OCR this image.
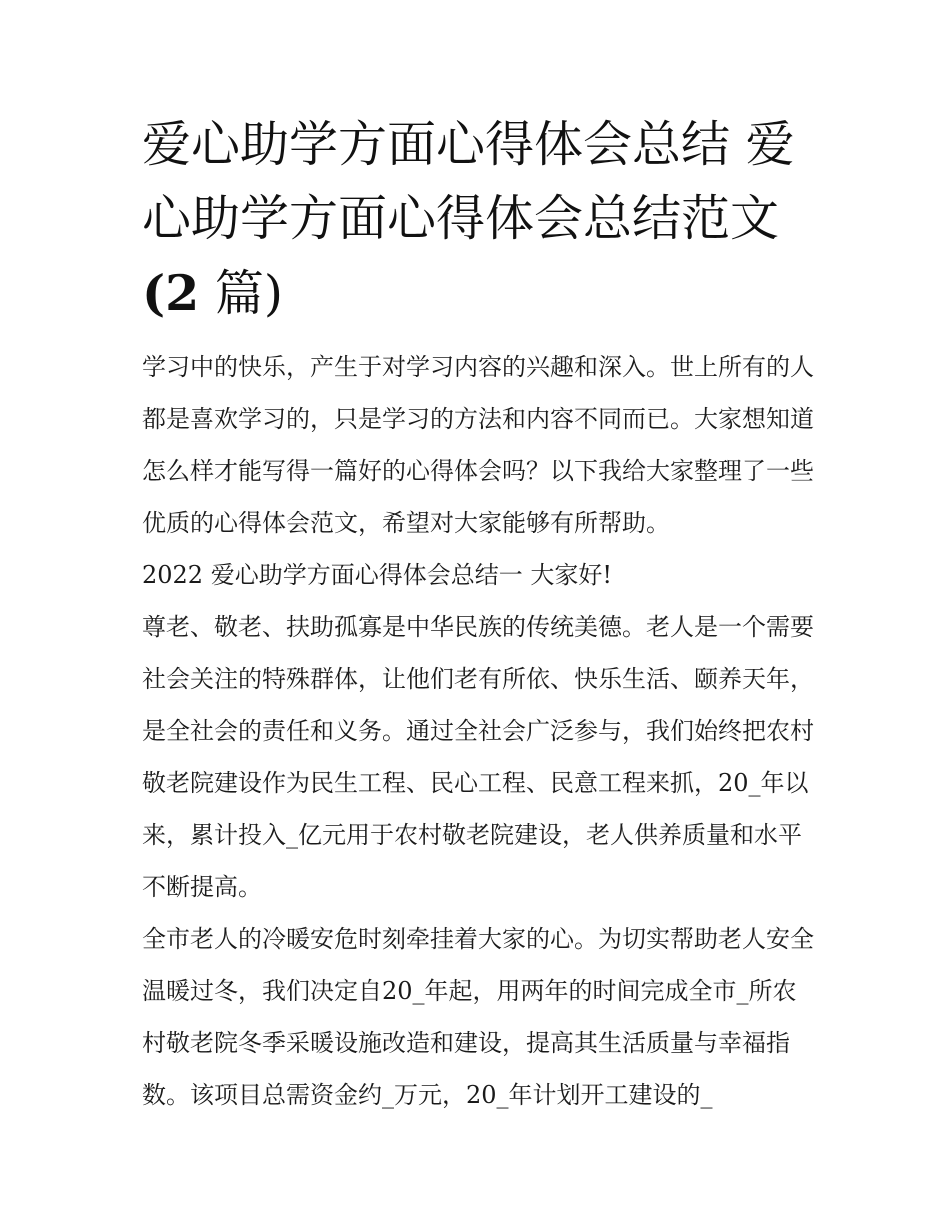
爱心助学方面心得体会总结 爱心助学方面心得体会总结范文
(2 篇)

学习中的快乐，产生于对学习内容的兴趣和深入。世上所有的人都是喜欢学习的，只是学习的方法和内容不同而已。大家想知道怎么样才能写得一篇好的心得体会吗？以下我给大家整理了一些优质的心得体会范文，希望对大家能够有所帮助。

2022 爱心助学方面心得体会总结一 大家好!

尊老、敬老、扶助孤寡是中华民族的传统美德。老人是一个需要社会关注的特殊群体，让他们老有所依、快乐生活、颐养天年，是全社会的责任和义务。通过全社会广泛参与，我们始终把农村敬老院建设作为民生工程、民心工程、民意工程来抓，20_年以来，累计投入_亿元用于农村敬老院建设，老人供养质量和水平不断提高。

全市老人的冷暖安危时刻牵挂着大家的心。为切实帮助老人安全温暖过冬，我们决定自20_年起，用两年的时间完成全市_所农村敬老院冬季采暖设施改造和建设，提高其生活质量与幸福指数。该项目总需资金约_万元，20_年计划开工建设的_
